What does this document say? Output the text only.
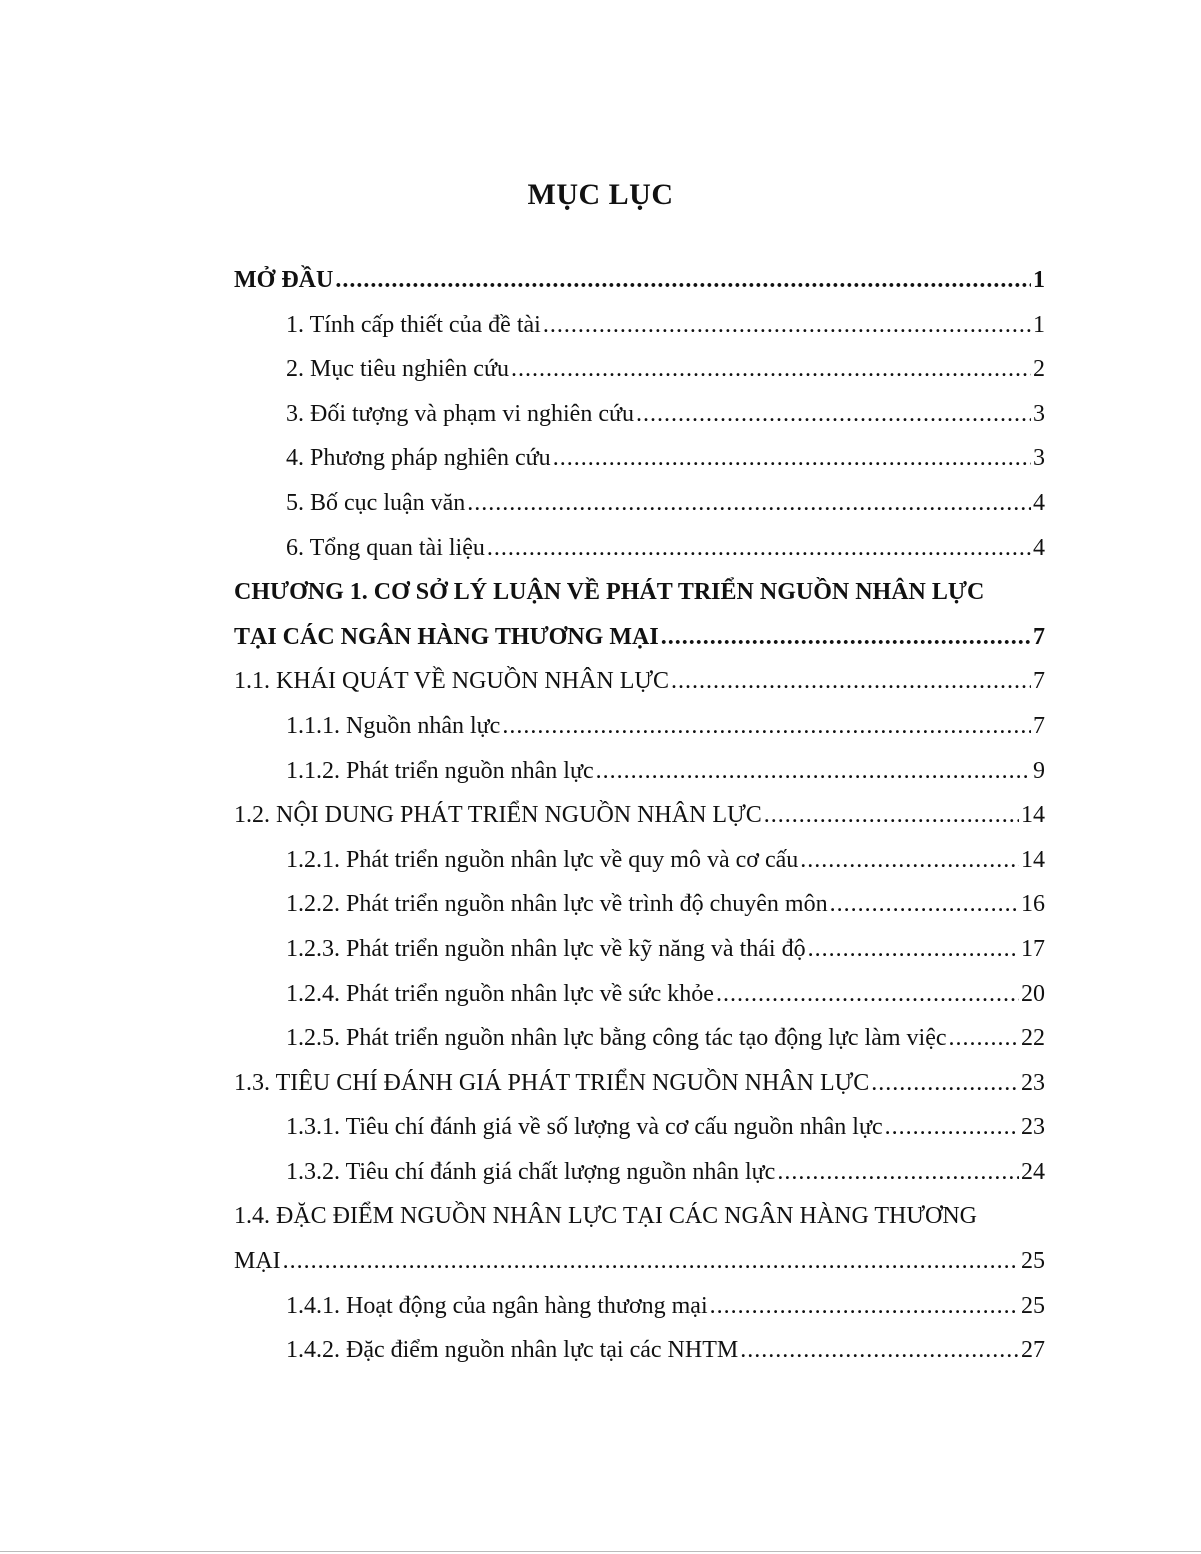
MỤC LỤC
MỞ ĐẦU .....	1
1. Tính cấp thiết của đề tài .....	1
2. Mục tiêu nghiên cứu .....	2
3. Đối tượng và phạm vi nghiên cứu .....	3
4. Phương pháp nghiên cứu .....	3
5. Bố cục luận văn .....	4
6. Tổng quan tài liệu .....	4
CHƯƠNG 1. CƠ SỞ LÝ LUẬN VỀ PHÁT TRIỂN NGUỒN NHÂN LỰC
TẠI CÁC NGÂN HÀNG THƯƠNG MẠI .....	7
1.1. KHÁI QUÁT VỀ NGUỒN NHÂN LỰC .....	7
1.1.1. Nguồn nhân lực .....	7
1.1.2. Phát triển nguồn nhân lực .....	9
1.2. NỘI DUNG PHÁT TRIỂN NGUỒN NHÂN LỰC .....	14
1.2.1. Phát triển nguồn nhân lực về quy mô và cơ cấu .....	14
1.2.2. Phát triển nguồn nhân lực về trình độ chuyên môn .....	16
1.2.3. Phát triển nguồn nhân lực về kỹ năng và thái độ .....	17
1.2.4. Phát triển nguồn nhân lực về sức khỏe .....	20
1.2.5. Phát triển nguồn nhân lực bằng công tác tạo động lực làm việc .....	22
1.3. TIÊU CHÍ ĐÁNH GIÁ PHÁT TRIỂN NGUỒN NHÂN LỰC .....	23
1.3.1. Tiêu chí đánh giá về số lượng và cơ cấu nguồn nhân lực .....	23
1.3.2. Tiêu chí đánh giá chất lượng nguồn nhân lực .....	24
1.4. ĐẶC ĐIỂM NGUỒN NHÂN LỰC TẠI CÁC NGÂN HÀNG THƯƠNG
MẠI .....	25
1.4.1. Hoạt động của ngân hàng thương mại .....	25
1.4.2. Đặc điểm nguồn nhân lực tại các NHTM .....	27
